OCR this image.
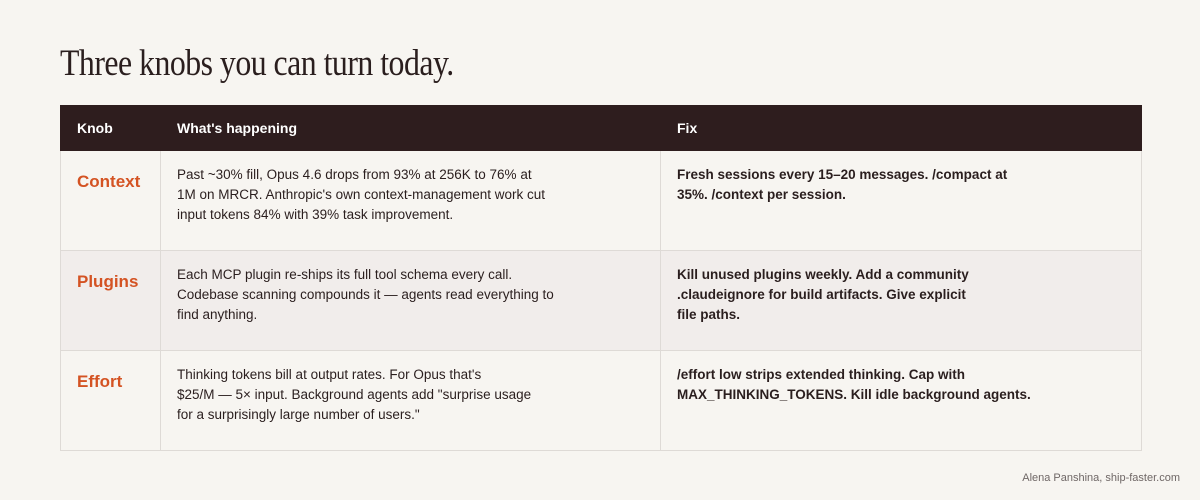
Three knobs you can turn today.
Knob	What's happening	Fix
Context	Past ~30% fill, Opus 4.6 drops from 93% at 256K to 76% at
1M on MRCR. Anthropic's own context-management work cut
input tokens 84% with 39% task improvement.	Fresh sessions every 15–20 messages. /compact at
35%. /context per session.

Plugins	Each MCP plugin re-ships its full tool schema every call.
Codebase scanning compounds it — agents read everything to
find anything.	Kill unused plugins weekly. Add a community
.claudeignore for build artifacts. Give explicit
file paths.

Effort	Thinking tokens bill at output rates. For Opus that's
$25/M — 5× input. Background agents add "surprise usage
for a surprisingly large number of users."	/effort low strips extended thinking. Cap with
MAX_THINKING_TOKENS. Kill idle background agents.
Alena Panshina, ship-faster.com
